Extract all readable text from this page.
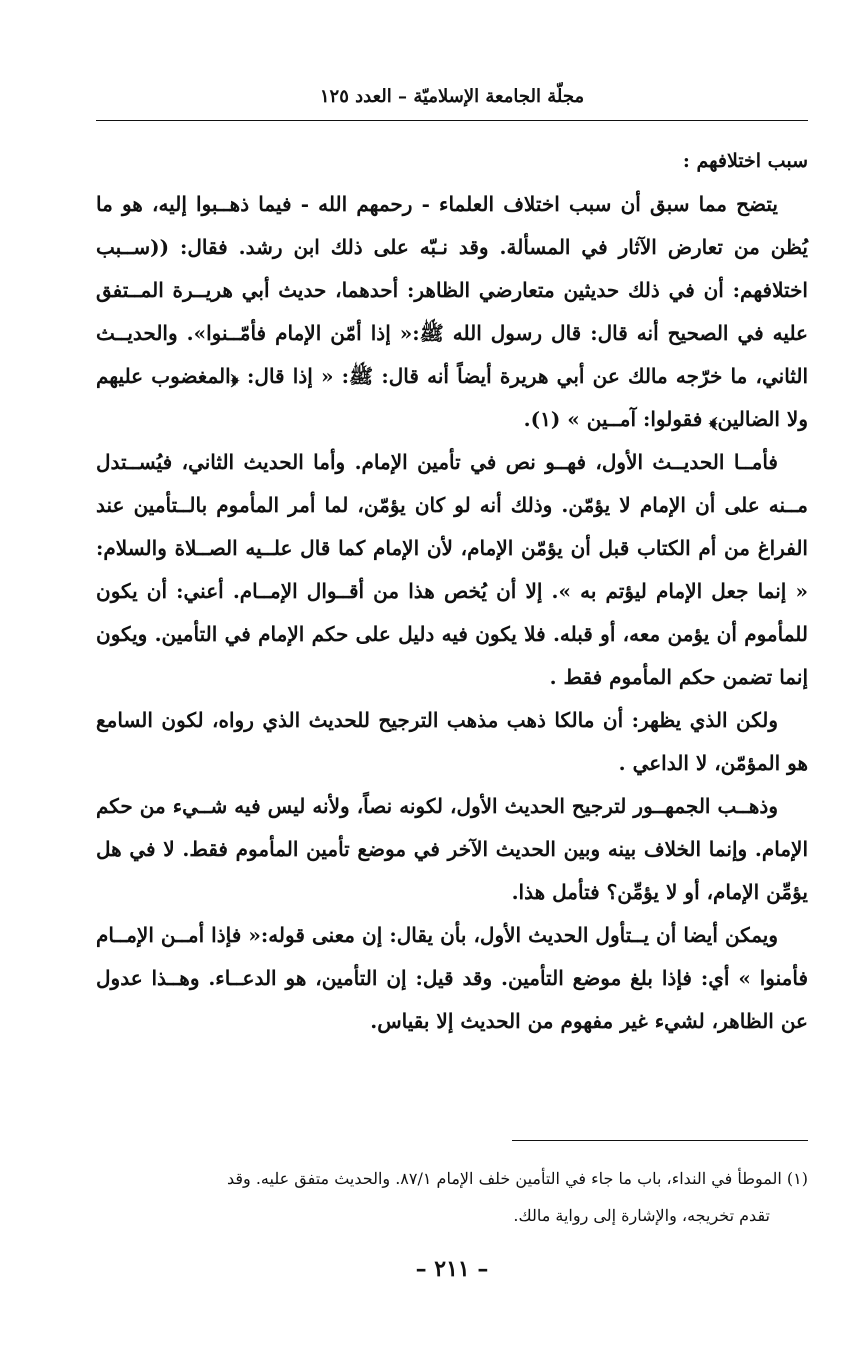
مجلّة الجامعة الإسلاميّة – العدد ١٢٥

سبب اختلافهم :

يتضح مما سبق أن سبب اختلاف العلماء - رحمهم الله - فيما ذهــبوا إليه، هو ما يُظن من تعارض الآثار في المسألة. وقد نـبّه على ذلك ابن رشد. فقال: ((ســبب اختلافهم: أن في ذلك حديثين متعارضي الظاهر: أحدهما، حديث أبي هريــرة المــتفق عليه في الصحيح أنه قال: قال رسول الله ﷺ:« إذا أمّن الإمام فأمّــنوا». والحديــث الثاني، ما خرّجه مالك عن أبي هريرة أيضاً أنه قال: ﷺ: « إذا قال: ﴿المغضوب عليهم ولا الضالين﴾ فقولوا: آمــين » (١).

فأمــا الحديــث الأول، فهــو نص في تأمين الإمام. وأما الحديث الثاني، فيُســتدل مــنه على أن الإمام لا يؤمّن. وذلك أنه لو كان يؤمّن، لما أمر المأموم بالــتأمين عند الفراغ من أم الكتاب قبل أن يؤمّن الإمام، لأن الإمام كما قال علــيه الصــلاة والسلام: « إنما جعل الإمام ليؤتم به ». إلا أن يُخص هذا من أقــوال الإمــام. أعني: أن يكون للمأموم أن يؤمن معه، أو قبله. فلا يكون فيه دليل على حكم الإمام في التأمين. ويكون إنما تضمن حكم المأموم فقط .

ولكن الذي يظهر: أن مالكا ذهب مذهب الترجيح للحديث الذي رواه، لكون السامع هو المؤمّن، لا الداعي .

وذهــب الجمهــور لترجيح الحديث الأول، لكونه نصاً، ولأنه ليس فيه شــيء من حكم الإمام. وإنما الخلاف بينه وبين الحديث الآخر في موضع تأمين المأموم فقط. لا في هل يؤمِّن الإمام، أو لا يؤمِّن؟ فتأمل هذا.

ويمكن أيضا أن يــتأول الحديث الأول، بأن يقال: إن معنى قوله:« فإذا أمــن الإمــام فأمنوا » أي: فإذا بلغ موضع التأمين. وقد قيل: إن التأمين، هو الدعــاء. وهــذا عدول عن الظاهر، لشيء غير مفهوم من الحديث إلا بقياس.

(١) الموطأ في النداء، باب ما جاء في التأمين خلف الإمام ٨٧/١. والحديث متفق عليه. وقد

تقدم تخريجه، والإشارة إلى رواية مالك.

– ٢١١ –
